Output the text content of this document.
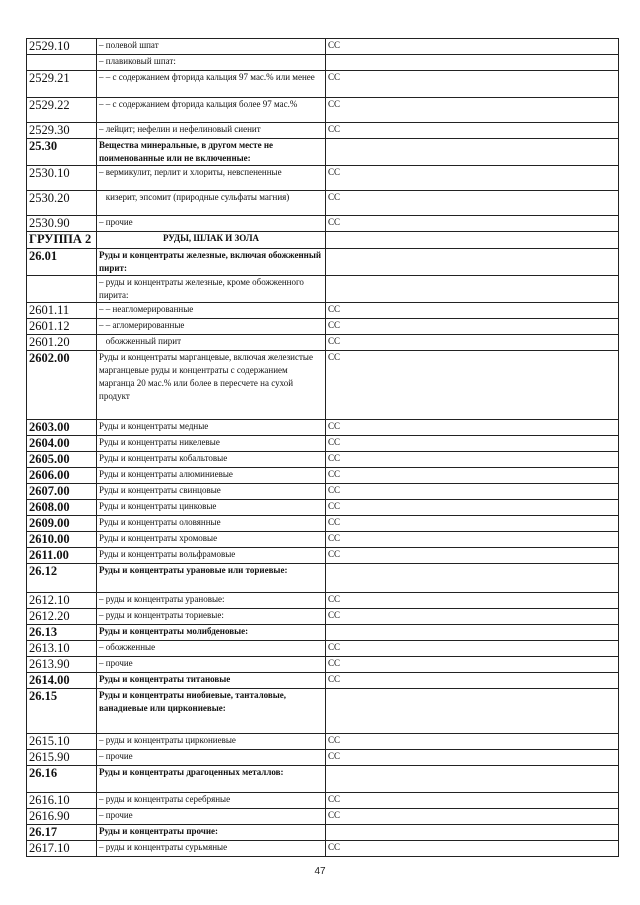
2529.10	– полевой шпат	СС
	– плавиковый шпат:	
2529.21	– – с содержанием фторида кальция 97 мас.% или менее	СС
2529.22	– – с содержанием фторида кальция более 97 мас.%	СС
2529.30	– лейцит; нефелин и нефелиновый сиенит	СС
25.30	Вещества минеральные, в другом месте не поименованные или не включенные:	
2530.10	– вермикулит, перлит и хлориты, невспененные	СС
2530.20	кизерит, эпсомит (природные сульфаты магния)	СС
2530.90	– прочие	СС
ГРУППА 2	РУДЫ, ШЛАК И ЗОЛА	
26.01	Руды и концентраты железные, включая обожженный пирит:	
	– руды и концентраты железные, кроме обожженного пирита:	
2601.11	– – неагломерированные	СС
2601.12	– – агломерированные	СС
2601.20	обожженный пирит	СС
2602.00	Руды и концентраты марганцевые, включая железистые марганцевые руды и концентраты с содержанием марганца 20 мас.% или более в пересчете на сухой продукт	СС
2603.00	Руды и концентраты медные	СС
2604.00	Руды и концентраты никелевые	СС
2605.00	Руды и концентраты кобальтовые	СС
2606.00	Руды и концентраты алюминиевые	СС
2607.00	Руды и концентраты свинцовые	СС
2608.00	Руды и концентраты цинковые	СС
2609.00	Руды и концентраты оловянные	СС
2610.00	Руды и концентраты хромовые	СС
2611.00	Руды и концентраты вольфрамовые	СС
26.12	Руды и концентраты урановые или ториевые:	
2612.10	– руды и концентраты урановые:	СС
2612.20	– руды и концентраты ториевые:	СС
26.13	Руды и концентраты молибденовые:	
2613.10	– обожженные	СС
2613.90	– прочие	СС
2614.00	Руды и концентраты титановые	СС
26.15	Руды и концентраты ниобиевые, танталовые, ванадиевые или циркониевые:	
2615.10	– руды и концентраты циркониевые	СС
2615.90	– прочие	СС
26.16	Руды и концентраты драгоценных металлов:	
2616.10	– руды и концентраты серебряные	СС
2616.90	– прочие	СС
26.17	Руды и концентраты прочие:	
2617.10	– руды и концентраты сурьмяные	СС
47
